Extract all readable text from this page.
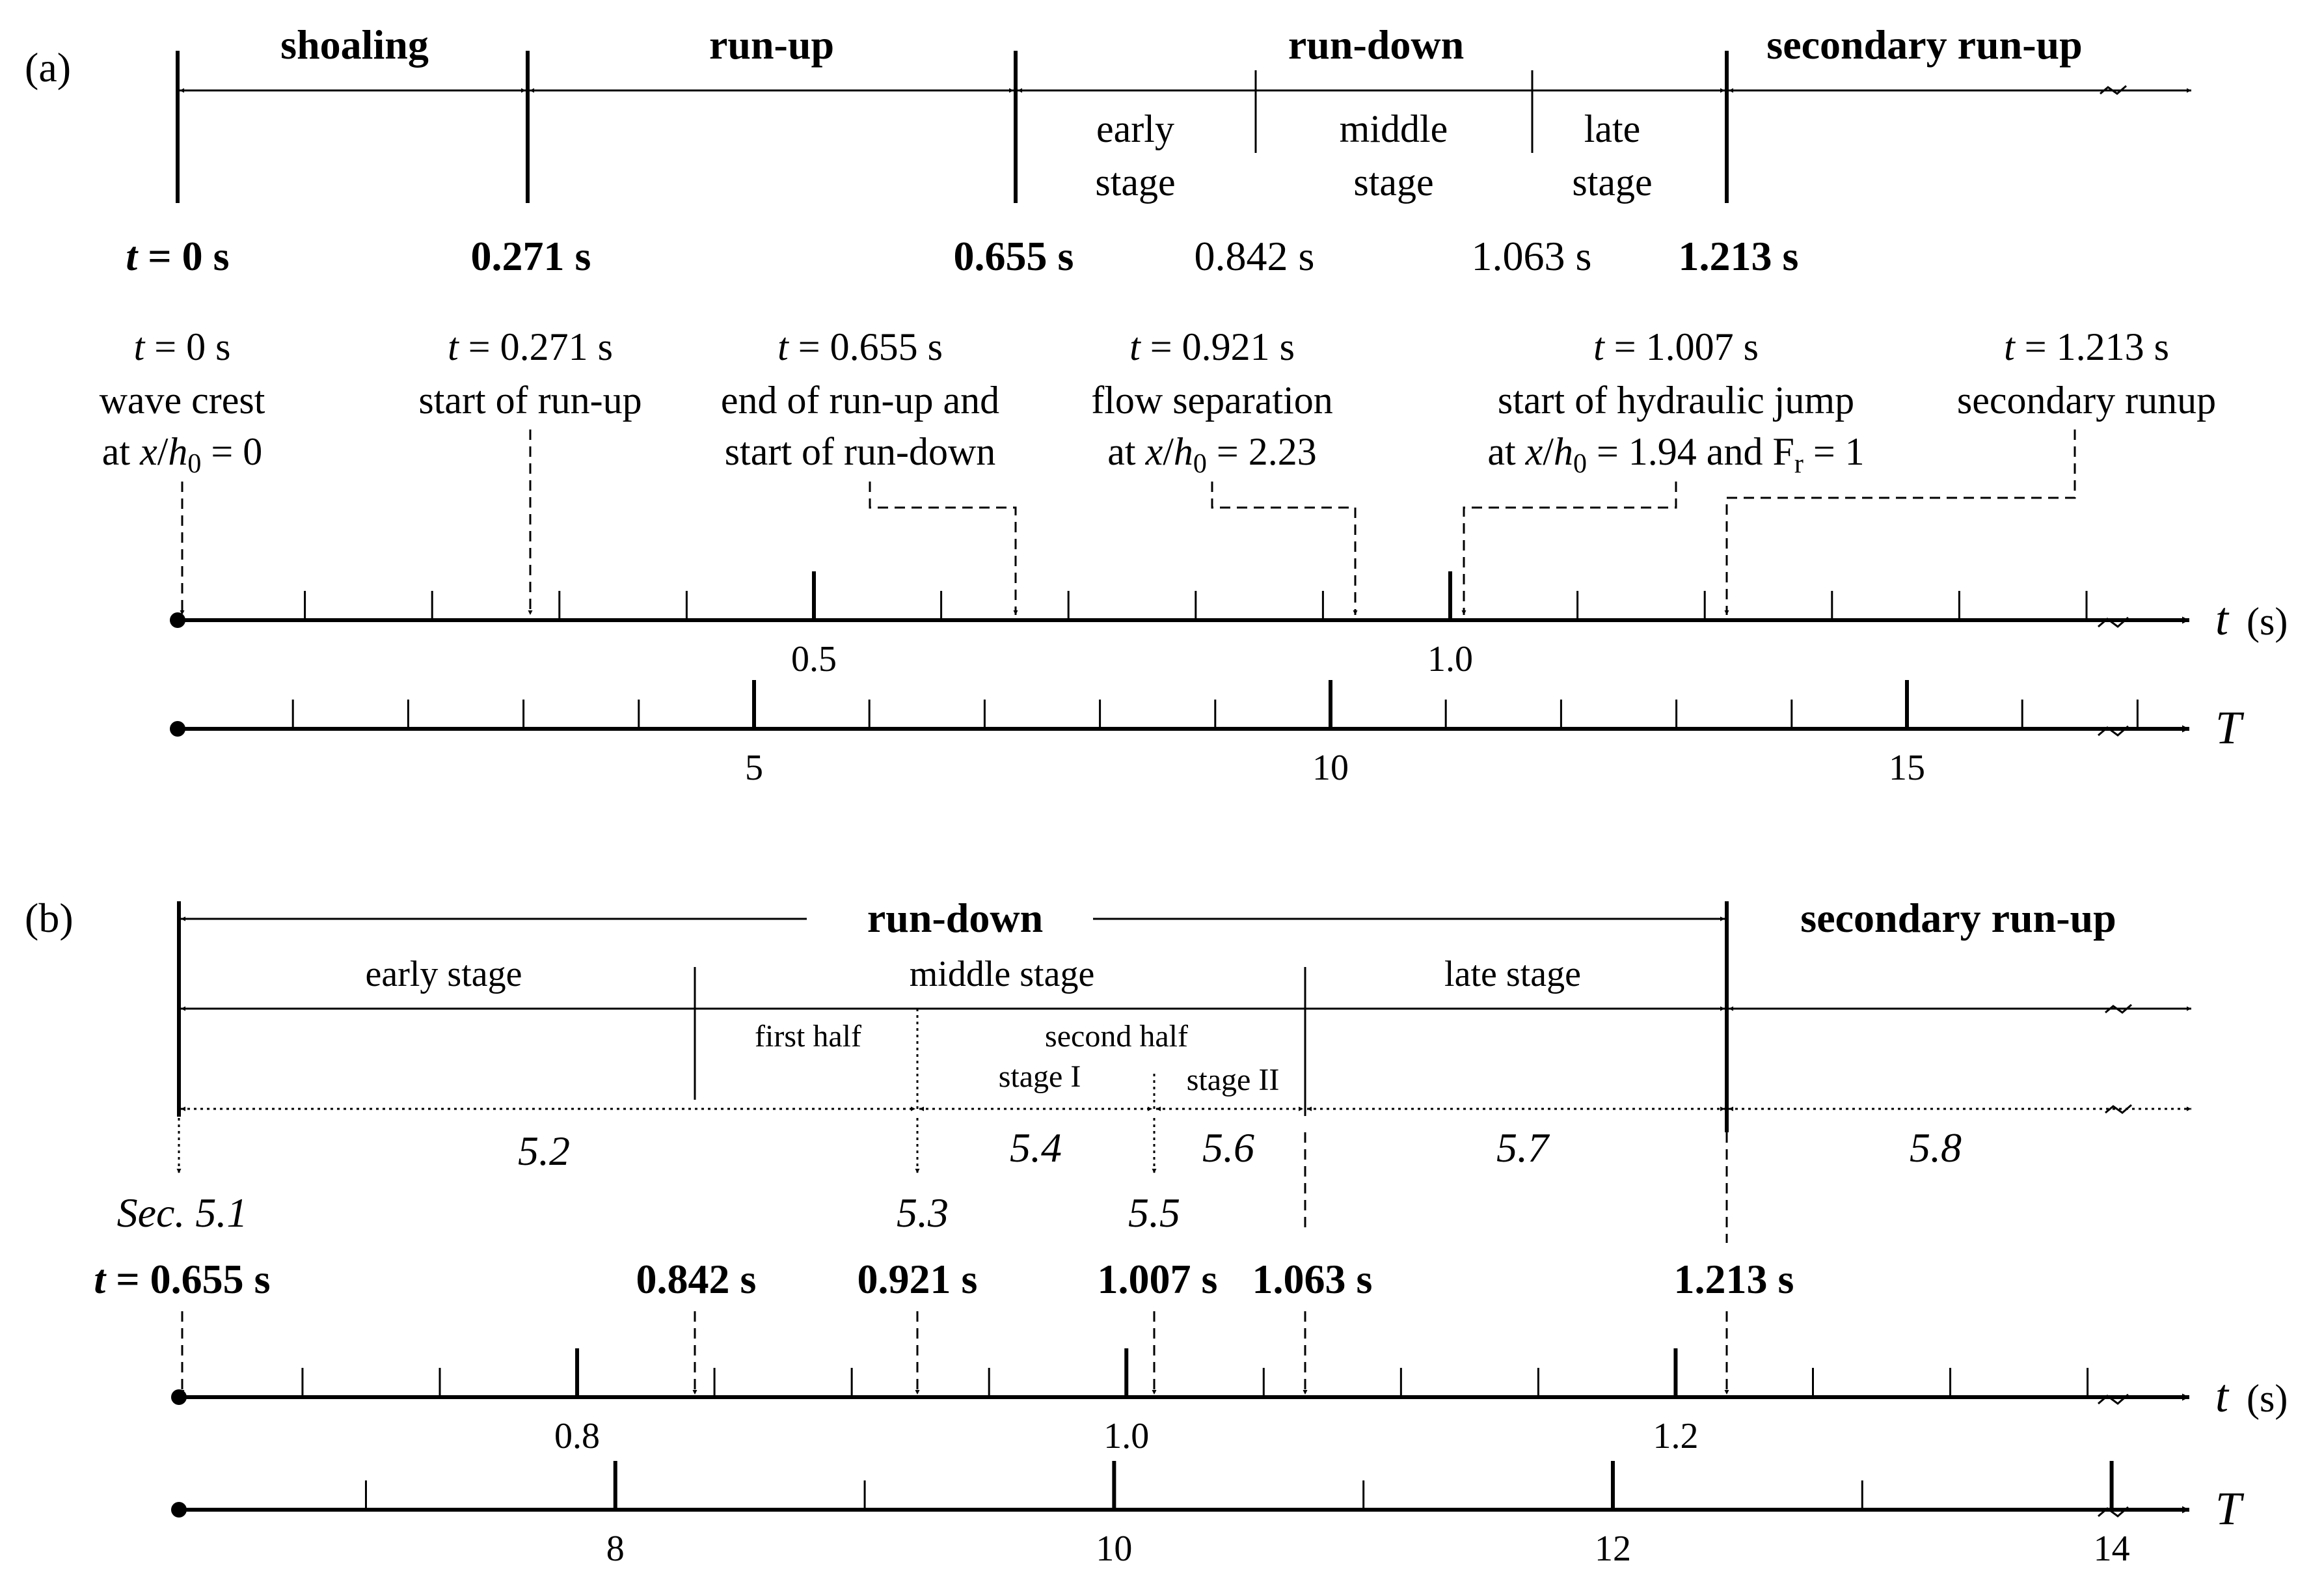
(a)	shoaling	run-up	run-down	secondary run-up
early
stage
middle
stage
late
stage
t = 0 s	0.271 s	0.655 s	0.842 s	1.063 s 1.213 s
t = 0 s
wave crest
at $x/h_0 = 0$
t = 0.271 s
start of run-up
t = 0.655 s
end of run-up and
start of run-down
t = 0.921 s
flow separation
at $x/h_0 = 2.23$
t = 1.007 s
start of hydraulic jump
at $x/h_0 = 1.94$ and $F_r = 1$
t = 1.213 s
secondary runup
0.5	1.0
t (s)
5	10	15
T
(b)	run-down	secondary run-up
early stage	middle stage	late stage
first half	second half
stage I	stage II
5.2	5.4	5.6	5.7	5.8
Sec. 5.1	5.3	5.5
t = 0.655 s	0.842 s 0.921 s	1.007 s 1.063 s	1.213 s
0.8	1.0	1.2
t (s)
8	10	12	14
T
